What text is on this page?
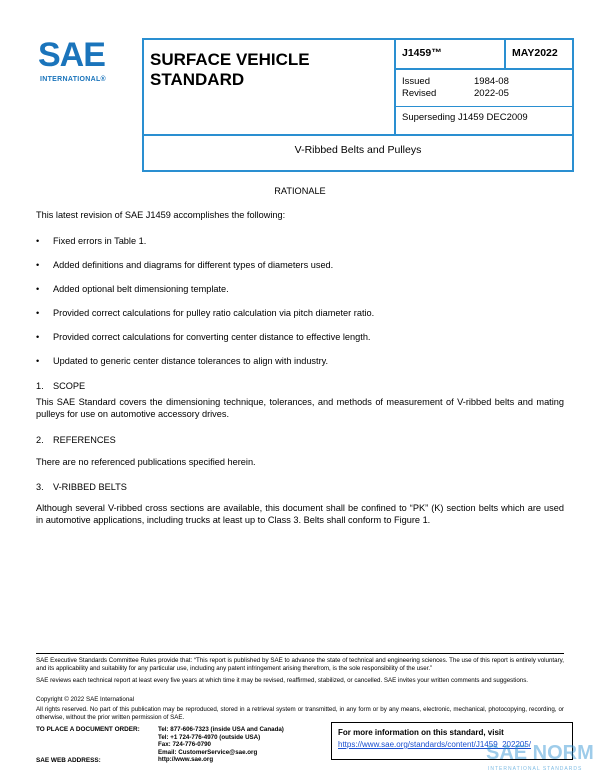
SAE
INTERNATIONAL®
SURFACE VEHICLE
STANDARD
J1459™	MAY2022
Issued	1984-08
Revised	2022-05
Superseding J1459 DEC2009
V-Ribbed Belts and Pulleys
RATIONALE
This latest revision of SAE J1459 accomplishes the following:
• Fixed errors in Table 1.
• Added definitions and diagrams for different types of diameters used.
• Added optional belt dimensioning template.
• Provided correct calculations for pulley ratio calculation via pitch diameter ratio.
• Provided correct calculations for converting center distance to effective length.
• Updated to generic center distance tolerances to align with industry.
1. SCOPE
This SAE Standard covers the dimensioning technique, tolerances, and methods of measurement of V-ribbed belts and mating pulleys for use on automotive accessory drives.
2. REFERENCES
There are no referenced publications specified herein.
3. V-RIBBED BELTS
Although several V-ribbed cross sections are available, this document shall be confined to “PK” (K) section belts which are used in automotive applications, including trucks at least up to Class 3. Belts shall conform to Figure 1.
SAE Executive Standards Committee Rules provide that: “This report is published by SAE to advance the state of technical and engineering sciences. The use of this report is entirely voluntary, and its applicability and suitability for any particular use, including any patent infringement arising therefrom, is the sole responsibility of the user.”
SAE reviews each technical report at least every five years at which time it may be revised, reaffirmed, stabilized, or cancelled. SAE invites your written comments and suggestions.
Copyright © 2022 SAE International
All rights reserved. No part of this publication may be reproduced, stored in a retrieval system or transmitted, in any form or by any means, electronic, mechanical, photocopying, recording, or otherwise, without the prior written permission of SAE.
TO PLACE A DOCUMENT ORDER:	Tel: 877-606-7323 (inside USA and Canada)
Tel: +1 724-776-4970 (outside USA)
Fax: 724-776-0790
Email: CustomerService@sae.org
SAE WEB ADDRESS:	http://www.sae.org
For more information on this standard, visit
https://www.sae.org/standards/content/J1459_202205/
SAE NORM
INTERNATIONAL STANDARDS
